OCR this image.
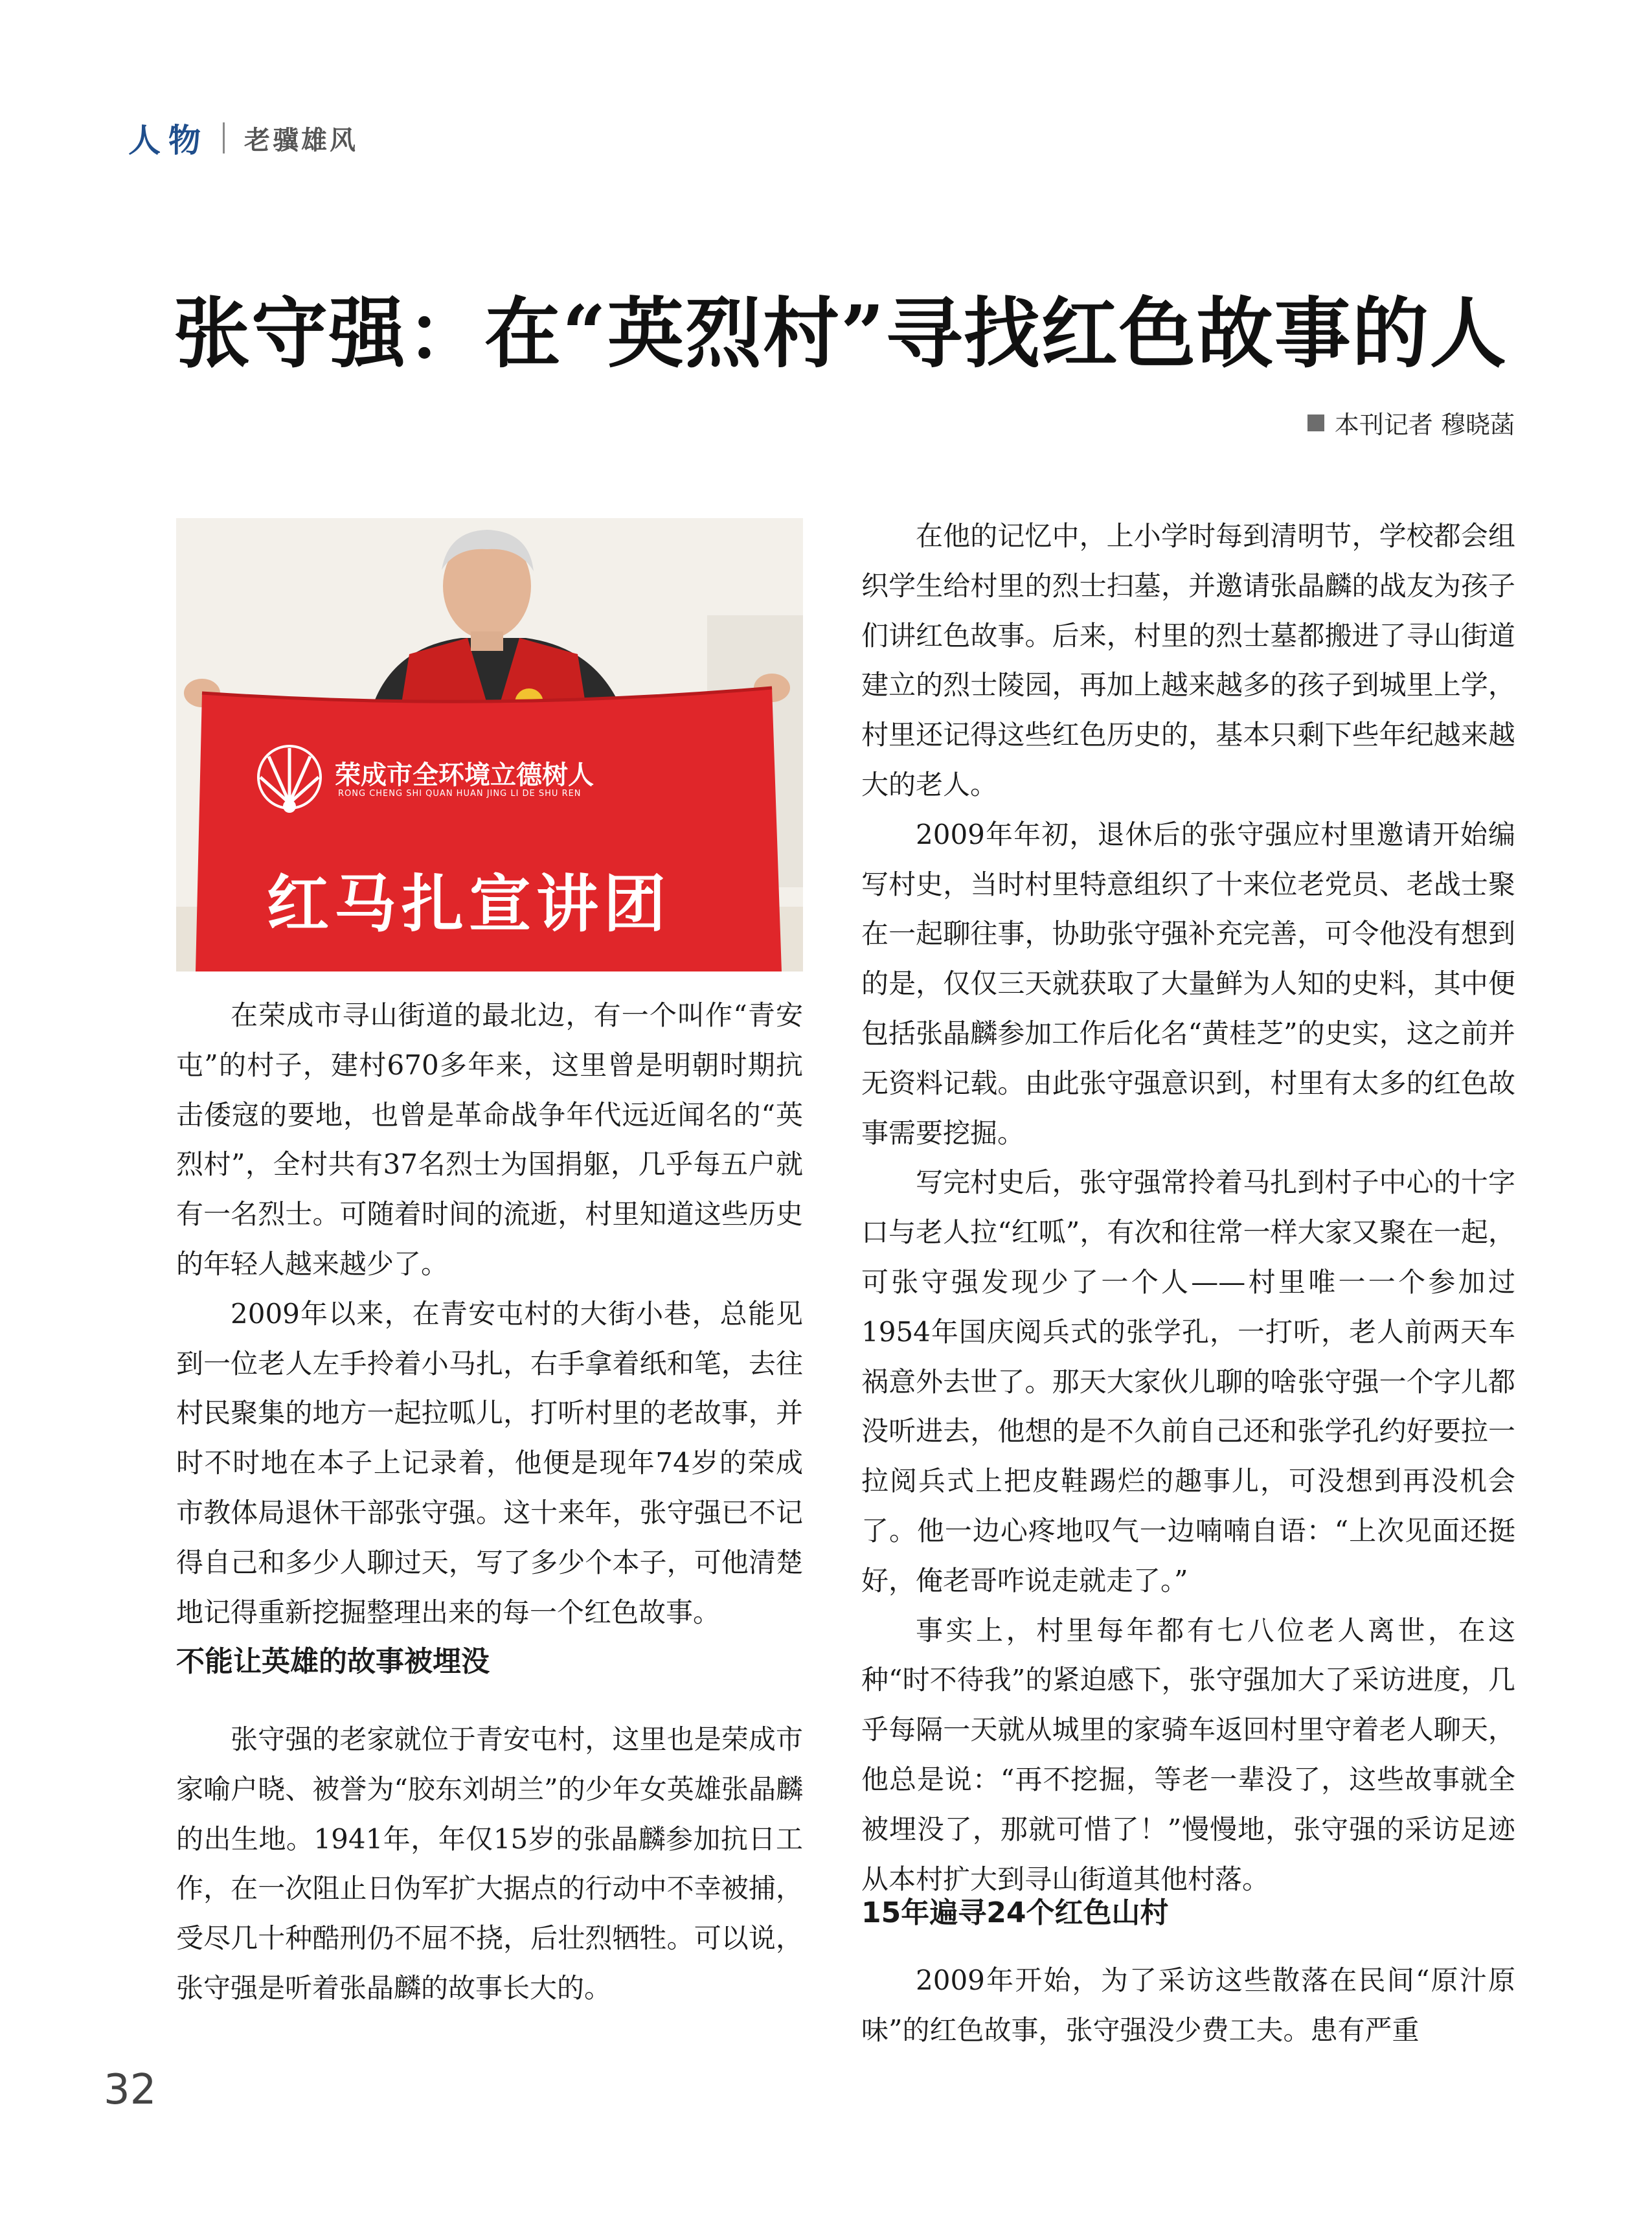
人物 老骥雄风
张守强：在“英烈村”寻找红色故事的人
本刊记者 穆晓菡
荣成市全环境立德树人
RONG CHENG SHI QUAN HUAN JING LI DE SHU REN
红马扎宣讲团

在荣成市寻山街道的最北边，有一个叫作“青安屯”的村子，建村670多年来，这里曾是明朝时期抗击倭寇的要地，也曾是革命战争年代远近闻名的“英烈村”，全村共有37名烈士为国捐躯，几乎每五户就有一名烈士。可随着时间的流逝，村里知道这些历史的年轻人越来越少了。

2009年以来，在青安屯村的大街小巷，总能见到一位老人左手拎着小马扎，右手拿着纸和笔，去往村民聚集的地方一起拉呱儿，打听村里的老故事，并时不时地在本子上记录着，他便是现年74岁的荣成市教体局退休干部张守强。这十来年，张守强已不记得自己和多少人聊过天，写了多少个本子，可他清楚地记得重新挖掘整理出来的每一个红色故事。

不能让英雄的故事被埋没

张守强的老家就位于青安屯村，这里也是荣成市家喻户晓、被誉为“胶东刘胡兰”的少年女英雄张晶麟的出生地。1941年，年仅15岁的张晶麟参加抗日工作，在一次阻止日伪军扩大据点的行动中不幸被捕，受尽几十种酷刑仍不屈不挠，后壮烈牺牲。可以说，张守强是听着张晶麟的故事长大的。

在他的记忆中，上小学时每到清明节，学校都会组织学生给村里的烈士扫墓，并邀请张晶麟的战友为孩子们讲红色故事。后来，村里的烈士墓都搬进了寻山街道建立的烈士陵园，再加上越来越多的孩子到城里上学，村里还记得这些红色历史的，基本只剩下些年纪越来越大的老人。

2009年年初，退休后的张守强应村里邀请开始编写村史，当时村里特意组织了十来位老党员、老战士聚在一起聊往事，协助张守强补充完善，可令他没有想到的是，仅仅三天就获取了大量鲜为人知的史料，其中便包括张晶麟参加工作后化名“黄桂芝”的史实，这之前并无资料记载。由此张守强意识到，村里有太多的红色故事需要挖掘。

写完村史后，张守强常拎着马扎到村子中心的十字口与老人拉“红呱”，有次和往常一样大家又聚在一起，可张守强发现少了一个人——村里唯一一个参加过1954年国庆阅兵式的张学孔，一打听，老人前两天车祸意外去世了。那天大家伙儿聊的啥张守强一个字儿都没听进去，他想的是不久前自己还和张学孔约好要拉一拉阅兵式上把皮鞋踢烂的趣事儿，可没想到再没机会了。他一边心疼地叹气一边喃喃自语：“上次见面还挺好，俺老哥咋说走就走了。”

事实上，村里每年都有七八位老人离世，在这种“时不待我”的紧迫感下，张守强加大了采访进度，几乎每隔一天就从城里的家骑车返回村里守着老人聊天，他总是说：“再不挖掘，等老一辈没了，这些故事就全被埋没了，那就可惜了！”慢慢地，张守强的采访足迹从本村扩大到寻山街道其他村落。

15年遍寻24个红色山村

2009年开始，为了采访这些散落在民间“原汁原味”的红色故事，张守强没少费工夫。患有严重

32
